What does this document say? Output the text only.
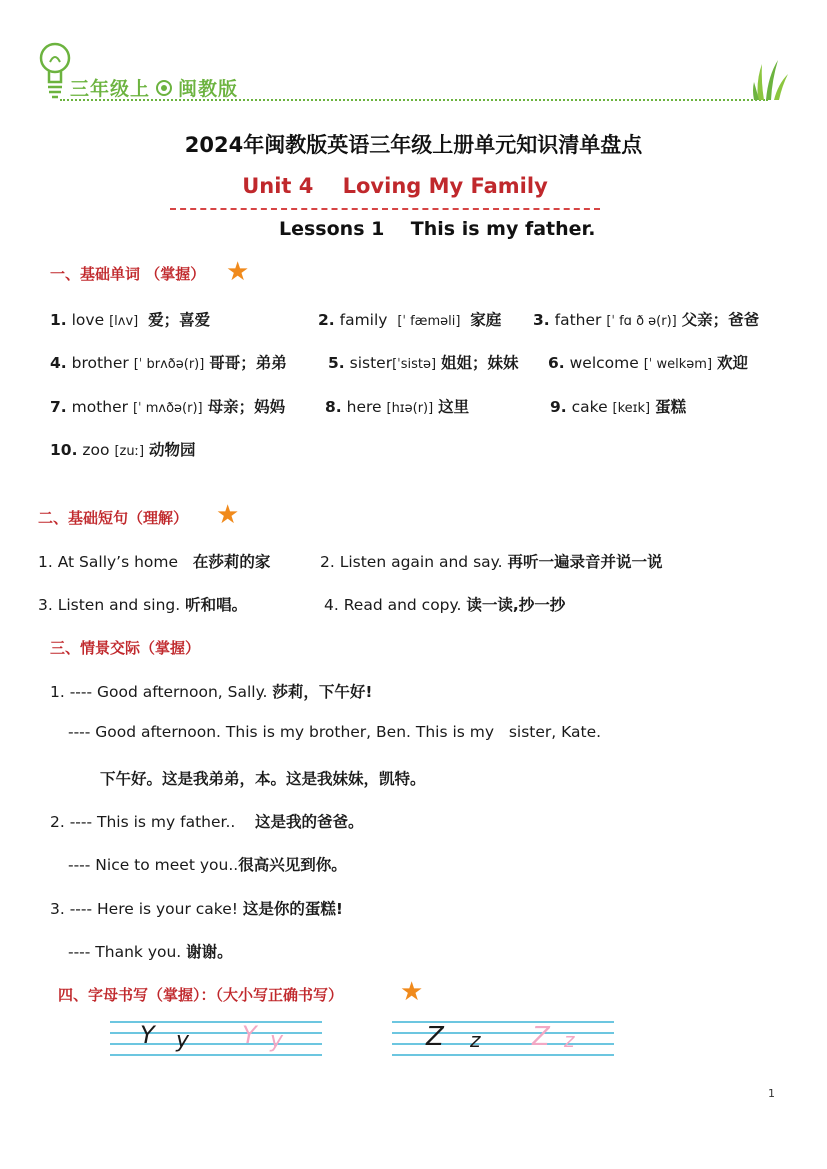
三年级上 闽教版
2024年闽教版英语三年级上册单元知识清单盘点
Unit 4    Loving My Family
Lessons 1    This is my father.
一、基础单词 （掌握） ★
1. love [lʌv] 爱；喜爱	2. family [ˈ fæməli] 家庭 3. father [ˈ fɑ ð ə(r)] 父亲；爸爸
4. brother [ˈ brʌðə(r)] 哥哥；弟弟	5. sister[ˈsistə] 姐姐；妹妹 6. welcome [ˈ welkəm] 欢迎
7. mother [ˈ mʌðə(r)] 母亲；妈妈	8. here [hɪə(r)] 这里	9. cake [keɪk] 蛋糕
10. zoo [zuː] 动物园
二、基础短句（理解） ★
1. At Sally’s home 在莎莉的家	2. Listen again and say. 再听一遍录音并说一说
3. Listen and sing. 听和唱。	4. Read and copy. 读一读,抄一抄
三、情景交际（掌握）
1. ---- Good afternoon, Sally. 莎莉，下午好!
---- Good afternoon. This is my brother, Ben. This is my   sister, Kate.
下午好。这是我弟弟，本。这是我妹妹，凯特。
2. ---- This is my father.. 这是我的爸爸。
---- Nice to meet you..很高兴见到你。
3. ---- Here is your cake! 这是你的蛋糕!
---- Thank you. 谢谢。
四、字母书写（掌握）：（大小写正确书写） ★
Y y Y y	Z z Z z
1
